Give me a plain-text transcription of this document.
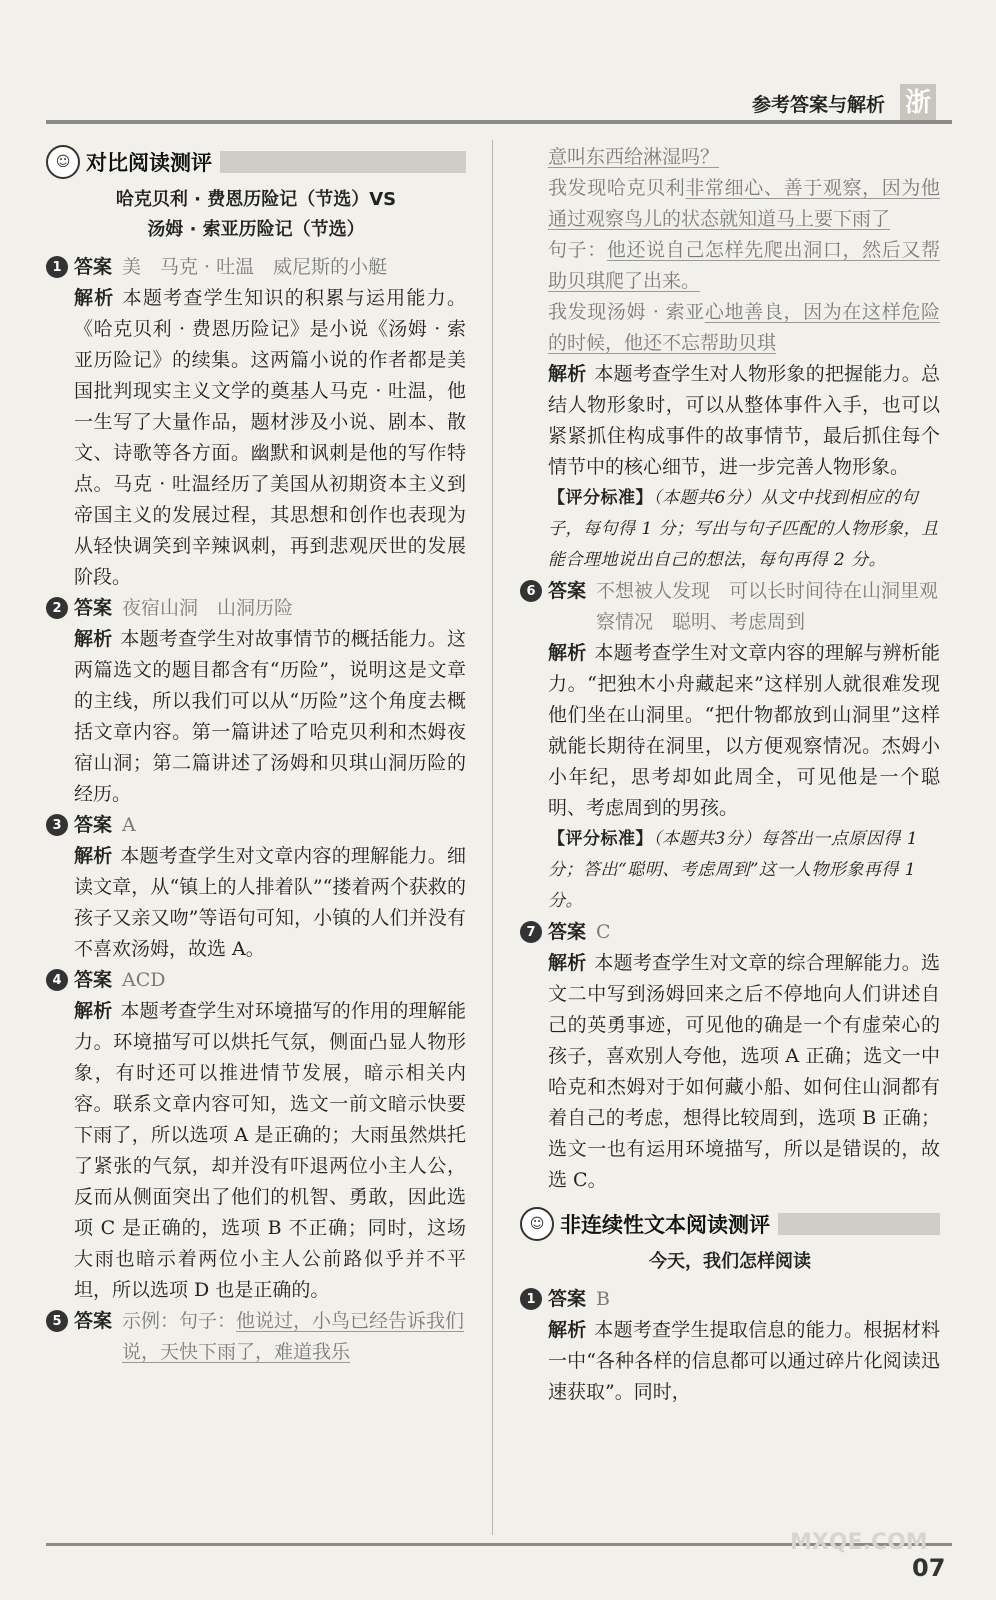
参考答案与解析 浙
☺ 对比阅读测评
哈克贝利 · 费恩历险记（节选）VS
汤姆 · 索亚历险记（节选）
1 答案 美　马克 · 吐温　威尼斯的小艇
解析 本题考查学生知识的积累与运用能力。《哈克贝利 · 费恩历险记》是小说《汤姆 · 索亚历险记》的续集。这两篇小说的作者都是美国批判现实主义文学的奠基人马克 · 吐温，他一生写了大量作品，题材涉及小说、剧本、散文、诗歌等各方面。幽默和讽刺是他的写作特点。马克 · 吐温经历了美国从初期资本主义到帝国主义的发展过程，其思想和创作也表现为从轻快调笑到辛辣讽刺，再到悲观厌世的发展阶段。
2 答案 夜宿山洞　山洞历险
解析 本题考查学生对故事情节的概括能力。这两篇选文的题目都含有“历险”，说明这是文章的主线，所以我们可以从“历险”这个角度去概括文章内容。第一篇讲述了哈克贝利和杰姆夜宿山洞；第二篇讲述了汤姆和贝琪山洞历险的经历。
3 答案 A
解析 本题考查学生对文章内容的理解能力。细读文章，从“镇上的人排着队”“搂着两个获救的孩子又亲又吻”等语句可知，小镇的人们并没有不喜欢汤姆，故选 A。
4 答案 ACD
解析 本题考查学生对环境描写的作用的理解能力。环境描写可以烘托气氛，侧面凸显人物形象，有时还可以推进情节发展，暗示相关内容。联系文章内容可知，选文一前文暗示快要下雨了，所以选项 A 是正确的；大雨虽然烘托了紧张的气氛，却并没有吓退两位小主人公，反而从侧面突出了他们的机智、勇敢，因此选项 C 是正确的，选项 B 不正确；同时，这场大雨也暗示着两位小主人公前路似乎并不平坦，所以选项 D 也是正确的。
5 答案 示例：句子：他说过，小鸟已经告诉我们说，天快下雨了，难道我乐
意叫东西给淋湿吗？
我发现哈克贝利非常细心、善于观察，因为他通过观察鸟儿的状态就知道马上要下雨了
句子：他还说自己怎样先爬出洞口，然后又帮助贝琪爬了出来。
我发现汤姆 · 索亚心地善良，因为在这样危险的时候，他还不忘帮助贝琪
解析 本题考查学生对人物形象的把握能力。总结人物形象时，可以从整体事件入手，也可以紧紧抓住构成事件的故事情节，最后抓住每个情节中的核心细节，进一步完善人物形象。
【评分标准】（本题共6分）从文中找到相应的句子，每句得 1 分；写出与句子匹配的人物形象，且能合理地说出自己的想法，每句再得 2 分。
6 答案 不想被人发现　可以长时间待在山洞里观察情况　聪明、考虑周到
解析 本题考查学生对文章内容的理解与辨析能力。“把独木小舟藏起来”这样别人就很难发现他们坐在山洞里。“把什物都放到山洞里”这样就能长期待在洞里，以方便观察情况。杰姆小小年纪，思考却如此周全，可见他是一个聪明、考虑周到的男孩。
【评分标准】（本题共3分）每答出一点原因得 1 分；答出“聪明、考虑周到”这一人物形象再得 1 分。
7 答案 C
解析 本题考查学生对文章的综合理解能力。选文二中写到汤姆回来之后不停地向人们讲述自己的英勇事迹，可见他的确是一个有虚荣心的孩子，喜欢别人夸他，选项 A 正确；选文一中哈克和杰姆对于如何藏小船、如何住山洞都有着自己的考虑，想得比较周到，选项 B 正确；选文一也有运用环境描写，所以是错误的，故选 C。
☺ 非连续性文本阅读测评
今天，我们怎样阅读
1 答案 B
解析 本题考查学生提取信息的能力。根据材料一中“各种各样的信息都可以通过碎片化阅读迅速获取”。同时，
MXQE.COM
07
